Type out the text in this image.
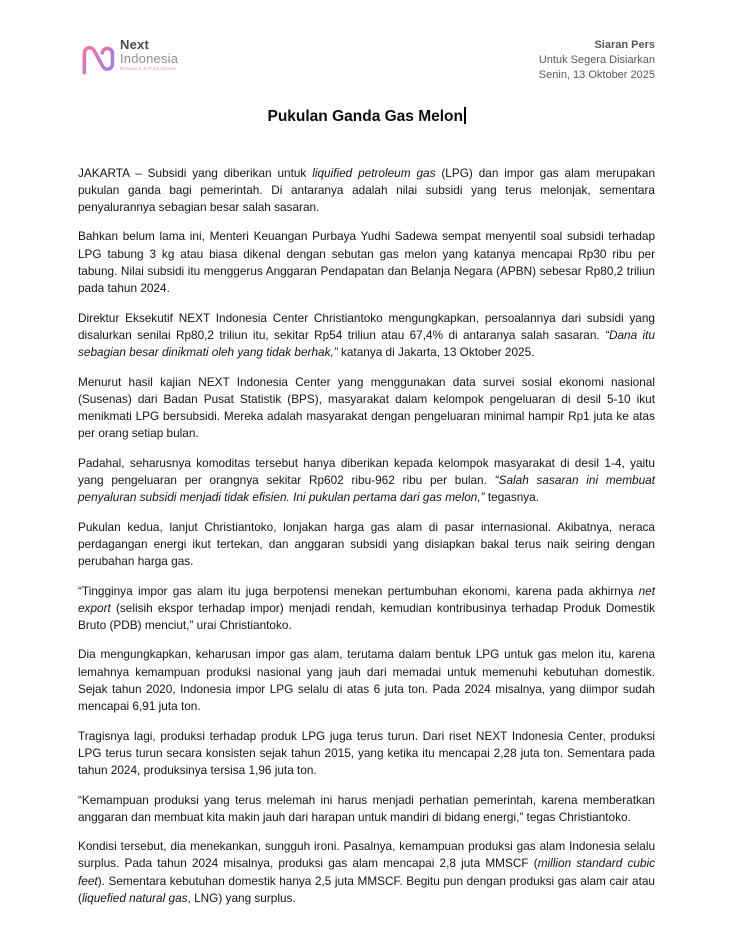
Next
Indonesia
Research & Publications
Siaran Pers
Untuk Segera Disiarkan
Senin, 13 Oktober 2025
Pukulan Ganda Gas Melon

JAKARTA – Subsidi yang diberikan untuk liquified petroleum gas (LPG) dan impor gas alam merupakan pukulan ganda bagi pemerintah. Di antaranya adalah nilai subsidi yang terus melonjak, sementara penyalurannya sebagian besar salah sasaran.

Bahkan belum lama ini, Menteri Keuangan Purbaya Yudhi Sadewa sempat menyentil soal subsidi terhadap LPG tabung 3 kg atau biasa dikenal dengan sebutan gas melon yang katanya mencapai Rp30 ribu per tabung. Nilai subsidi itu menggerus Anggaran Pendapatan dan Belanja Negara (APBN) sebesar Rp80,2 triliun pada tahun 2024.

Direktur Eksekutif NEXT Indonesia Center Christiantoko mengungkapkan, persoalannya dari subsidi yang disalurkan senilai Rp80,2 triliun itu, sekitar Rp54 triliun atau 67,4% di antaranya salah sasaran. “Dana itu sebagian besar dinikmati oleh yang tidak berhak,” katanya di Jakarta, 13 Oktober 2025.

Menurut hasil kajian NEXT Indonesia Center yang menggunakan data survei sosial ekonomi nasional (Susenas) dari Badan Pusat Statistik (BPS), masyarakat dalam kelompok pengeluaran di desil 5-10 ikut menikmati LPG bersubsidi. Mereka adalah masyarakat dengan pengeluaran minimal hampir Rp1 juta ke atas per orang setiap bulan.

Padahal, seharusnya komoditas tersebut hanya diberikan kepada kelompok masyarakat di desil 1-4, yaitu yang pengeluaran per orangnya sekitar Rp602 ribu-962 ribu per bulan. “Salah sasaran ini membuat penyaluran subsidi menjadi tidak efisien. Ini pukulan pertama dari gas melon,” tegasnya.

Pukulan kedua, lanjut Christiantoko, lonjakan harga gas alam di pasar internasional. Akibatnya, neraca perdagangan energi ikut tertekan, dan anggaran subsidi yang disiapkan bakal terus naik seiring dengan perubahan harga gas.

“Tingginya impor gas alam itu juga berpotensi menekan pertumbuhan ekonomi, karena pada akhirnya net export (selisih ekspor terhadap impor) menjadi rendah, kemudian kontribusinya terhadap Produk Domestik Bruto (PDB) menciut,” urai Christiantoko.

Dia mengungkapkan, keharusan impor gas alam, terutama dalam bentuk LPG untuk gas melon itu, karena lemahnya kemampuan produksi nasional yang jauh dari memadai untuk memenuhi kebutuhan domestik. Sejak tahun 2020, Indonesia impor LPG selalu di atas 6 juta ton. Pada 2024 misalnya, yang diimpor sudah mencapai 6,91 juta ton.

Tragisnya lagi, produksi terhadap produk LPG juga terus turun. Dari riset NEXT Indonesia Center, produksi LPG terus turun secara konsisten sejak tahun 2015, yang ketika itu mencapai 2,28 juta ton. Sementara pada tahun 2024, produksinya tersisa 1,96 juta ton.

“Kemampuan produksi yang terus melemah ini harus menjadi perhatian pemerintah, karena memberatkan anggaran dan membuat kita makin jauh dari harapan untuk mandiri di bidang energi,” tegas Christiantoko.

Kondisi tersebut, dia menekankan, sungguh ironi. Pasalnya, kemampuan produksi gas alam Indonesia selalu surplus. Pada tahun 2024 misalnya, produksi gas alam mencapai 2,8 juta MMSCF (million standard cubic feet). Sementara kebutuhan domestik hanya 2,5 juta MMSCF. Begitu pun dengan produksi gas alam cair atau (liquefied natural gas, LNG) yang surplus.
